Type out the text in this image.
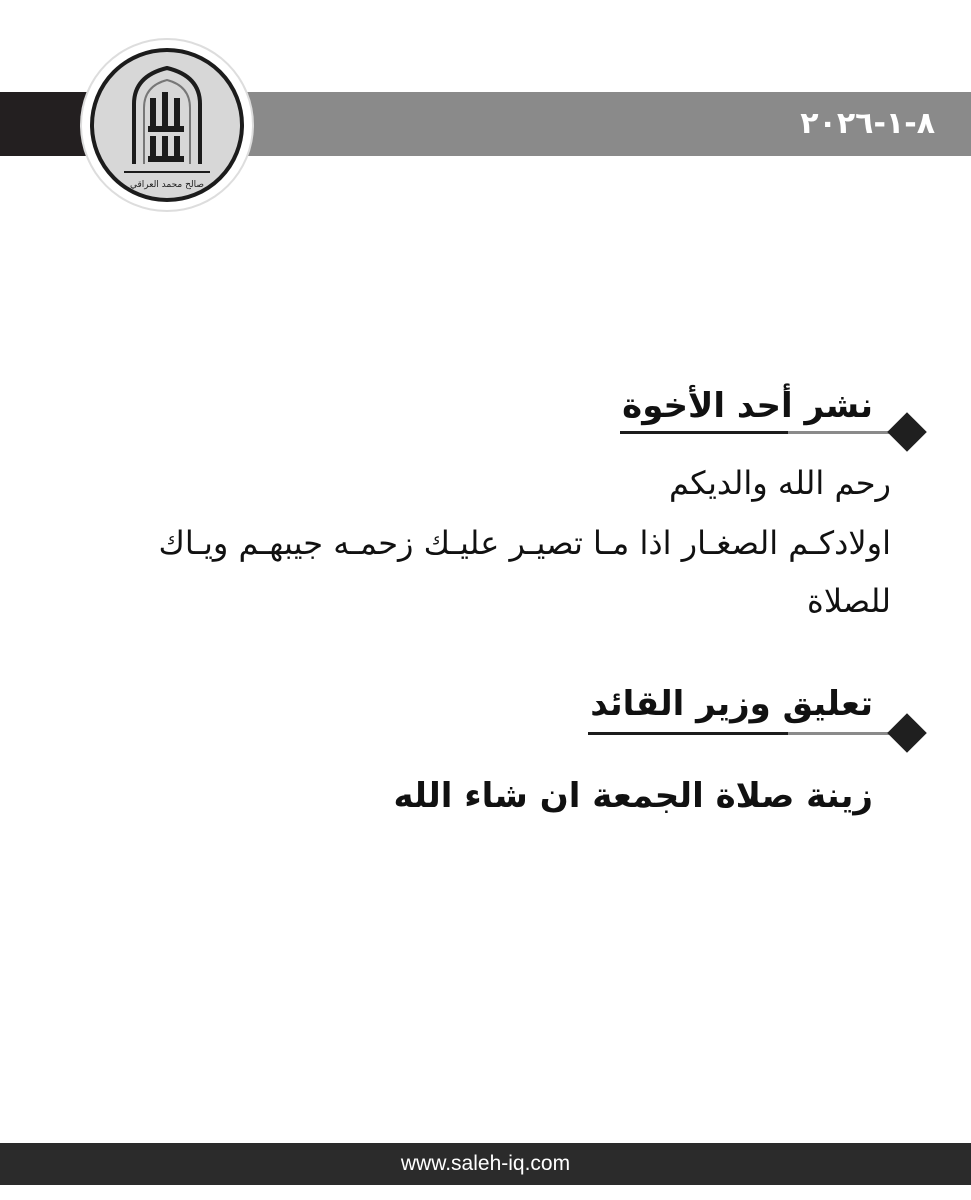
٨-١-٢٠٢٦
صالح محمد العراقي
نشر أحد الأخوة
رحم الله والديكم
اولادكـم الصغـار اذا مـا تصيـر عليـك زحمـه جيبهـم ويـاك
للصلاة
تعليق وزير القائد
زينة صلاة الجمعة ان شاء الله
www.saleh-iq.com
